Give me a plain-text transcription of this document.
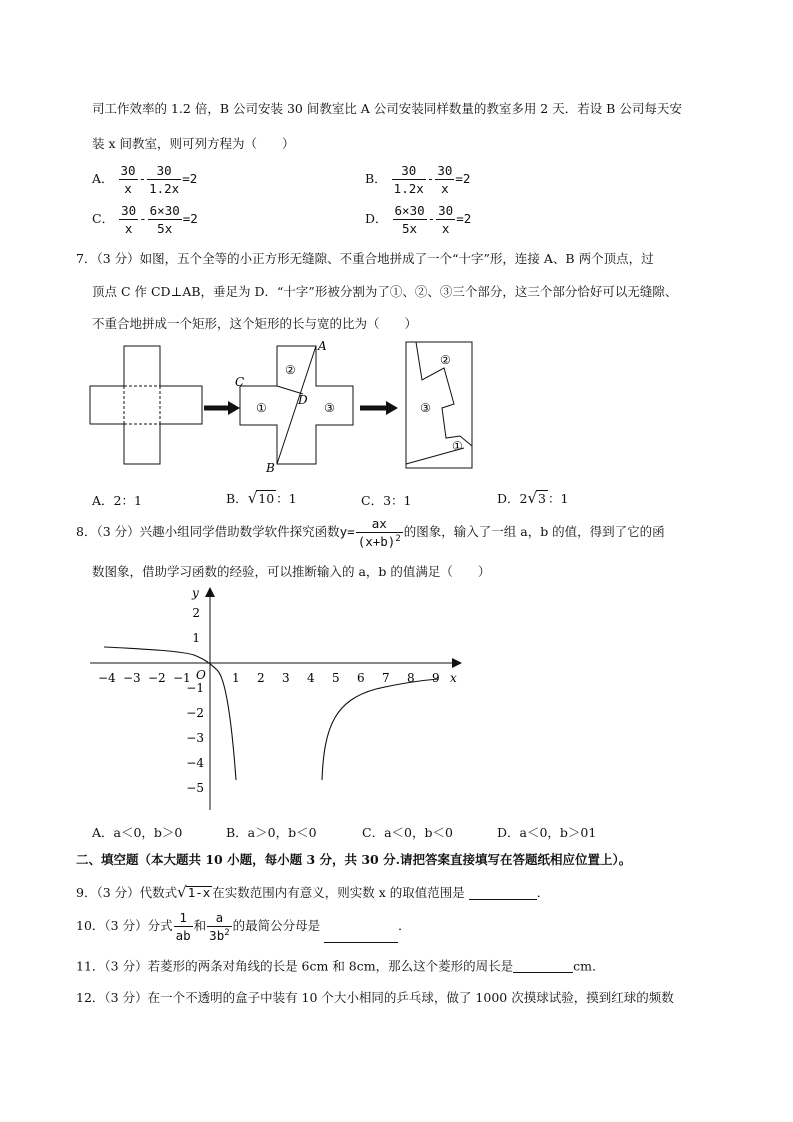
司工作效率的 1.2 倍，B 公司安装 30 间教室比 A 公司安装同样数量的教室多用 2 天．若设 B 公司每天安
装 x 间教室，则可列方程为（　　）
A． $\frac{30}{x} - \frac{30}{1.2x} =2$	B． $\frac{30}{1.2x} - \frac{30}{x} =2$
C． $\frac{30}{x} - \frac{6\times 30}{5x} =2$	D． $\frac{6\times 30}{5x} - \frac{30}{x} =2$
7．（3 分）如图，五个全等的小正方形无缝隙、不重合地拼成了一个“十字”形，连接 A、B 两个顶点，过
顶点 C 作 CD⊥AB，垂足为 D．“十字”形被分割为了①、②、③三个部分，这三个部分恰好可以无缝隙、
不重合地拼成一个矩形，这个矩形的长与宽的比为（　　）
A
B
C
D
①
②
③
②
③
①
A．2：1	B．√10 ：1	C．3：1	D．2√3 ：1
8．（3 分）兴趣小组同学借助数学软件探究函数$y= \frac{ax}{(x+b)^2}$ 的图象，输入了一组 a，b 的值，得到了它的函
数图象，借助学习函数的经验，可以推断输入的 a，b 的值满足（　　）
y
x
O
−4 −3 −2 −1	1 2 3 4 5 6 7 8 9
2
1
−1
−2
−3
−4
−5
A．a＜0，b＞0	B．a＞0，b＜0	C．a＜0，b＜0	D．a＜0，b＞01
二、填空题（本大题共 10 小题，每小题 3 分，共 30 分.请把答案直接填写在答题纸相应位置上）。
9．（3 分）代数式√1-x 在实数范围内有意义，则实数 x 的取值范围是	．
10．（3 分）分式 $\frac{1}{ab}$ 和 $\frac{a}{3b^2}$ 的最简公分母是	．
11．（3 分）若菱形的两条对角线的长是 6cm 和 8cm，那么这个菱形的周长是	cm．
12．（3 分）在一个不透明的盒子中装有 10 个大小相同的乒乓球，做了 1000 次摸球试验，摸到红球的频数
